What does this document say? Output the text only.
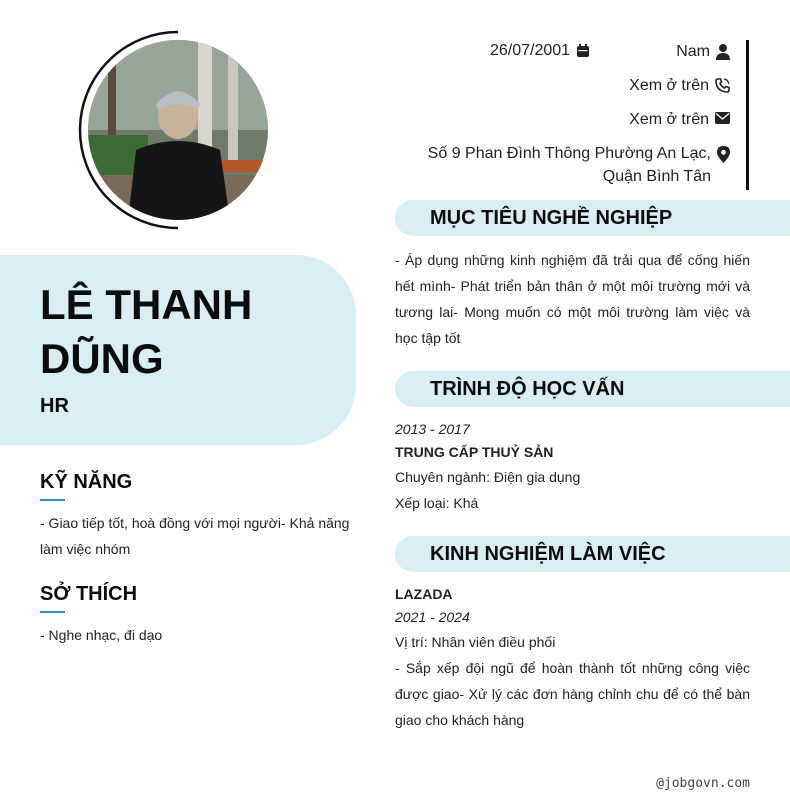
LÊ THANH DŨNG
HR
KỸ NĂNG
- Giao tiếp tốt, hoà đồng với mọi người- Khả năng làm việc nhóm
SỞ THÍCH
- Nghe nhạc, đi dạo
26/07/2001	Nam
Xem ở trên
Xem ở trên
Số 9 Phan Đình Thông Phường An Lạc, Quận Bình Tân
MỤC TIÊU NGHỀ NGHIỆP
- Áp dụng những kinh nghiệm đã trải qua để cống hiến hết mình- Phát triển bản thân ở một môi trường mới và tương lai- Mong muốn có một môi trường làm việc và học tập tốt
TRÌNH ĐỘ HỌC VẤN
2013 - 2017
TRUNG CẤP THUỶ SẢN
Chuyên ngành: Điện gia dụng
Xếp loại: Khá
KINH NGHIỆM LÀM VIỆC
LAZADA
2021 - 2024
Vị trí: Nhân viên điều phối
- Sắp xếp đội ngũ để hoàn thành tốt những công việc được giao- Xử lý các đơn hàng chỉnh chu để có thể bàn giao cho khách hàng
@jobgovn.com
